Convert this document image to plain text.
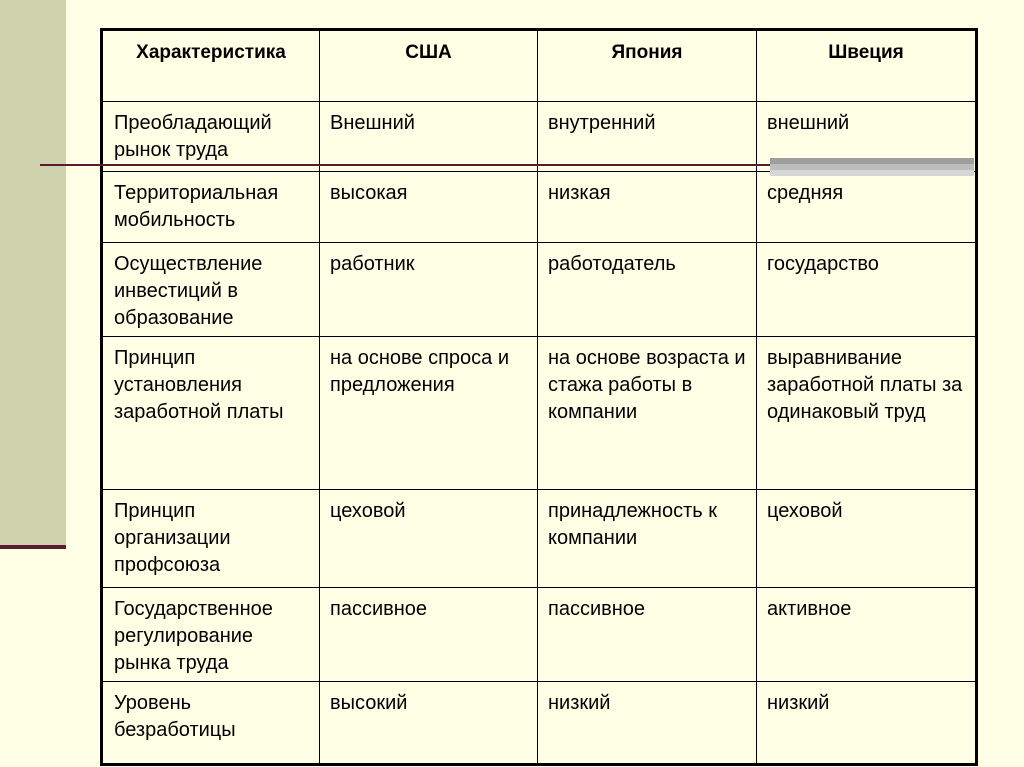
Характеристика	США	Япония	Швеция
Преобладающий рынок труда	Внешний	внутренний	внешний
Территориальная мобильность	высокая	низкая	средняя
Осуществление инвестиций в образование	работник	работодатель	государство
Принцип установления заработной платы	на основе спроса и предложения	на основе возраста и стажа работы в компании	выравнивание заработной платы за одинаковый труд
Принцип организации профсоюза	цеховой	принадлежность к компании	цеховой
Государственное регулирование рынка труда	пассивное	пассивное	активное
Уровень безработицы	высокий	низкий	низкий
